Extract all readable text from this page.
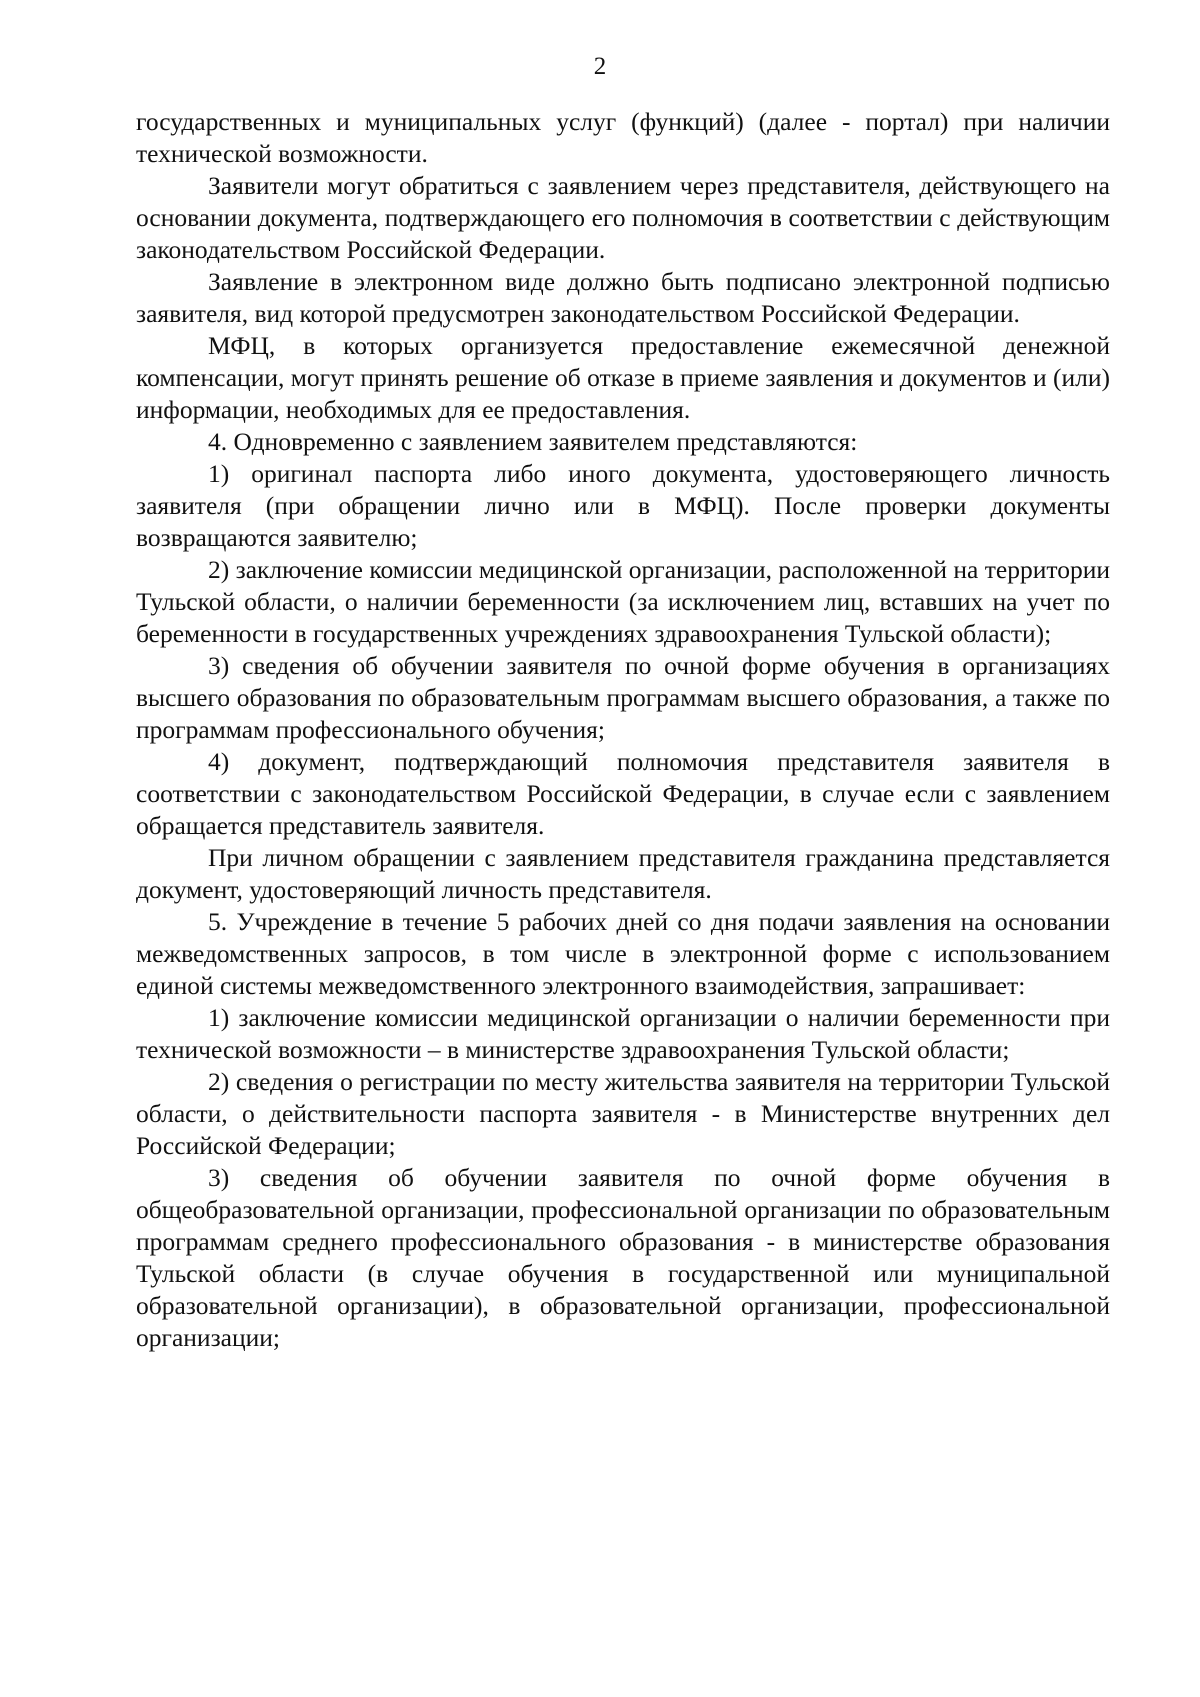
2

государственных и муниципальных услуг (функций) (далее - портал) при наличии технической возможности.

Заявители могут обратиться с заявлением через представителя, действующего на основании документа, подтверждающего его полномочия в соответствии с действующим законодательством Российской Федерации.

Заявление в электронном виде должно быть подписано электронной подписью заявителя, вид которой предусмотрен законодательством Российской Федерации.

МФЦ, в которых организуется предоставление ежемесячной денежной компенсации, могут принять решение об отказе в приеме заявления и документов и (или) информации, необходимых для ее предоставления.

4. Одновременно с заявлением заявителем представляются:

1) оригинал паспорта либо иного документа, удостоверяющего личность заявителя (при обращении лично или в МФЦ). После проверки документы возвращаются заявителю;

2) заключение комиссии медицинской организации, расположенной на территории Тульской области, о наличии беременности (за исключением лиц, вставших на учет по беременности в государственных учреждениях здравоохранения Тульской области);

3) сведения об обучении заявителя по очной форме обучения в организациях высшего образования по образовательным программам высшего образования, а также по программам профессионального обучения;

4) документ, подтверждающий полномочия представителя заявителя в соответствии с законодательством Российской Федерации, в случае если с заявлением обращается представитель заявителя.

При личном обращении с заявлением представителя гражданина представляется документ, удостоверяющий личность представителя.

5. Учреждение в течение 5 рабочих дней со дня подачи заявления на основании межведомственных запросов, в том числе в электронной форме с использованием единой системы межведомственного электронного взаимодействия, запрашивает:

1) заключение комиссии медицинской организации о наличии беременности при технической возможности – в министерстве здравоохранения Тульской области;

2) сведения о регистрации по месту жительства заявителя на территории Тульской области, о действительности паспорта заявителя - в Министерстве внутренних дел Российской Федерации;

3) сведения об обучении заявителя по очной форме обучения в общеобразовательной организации, профессиональной организации по образовательным программам среднего профессионального образования - в министерстве образования Тульской области (в случае обучения в государственной или муниципальной образовательной организации), в образовательной организации, профессиональной организации;
